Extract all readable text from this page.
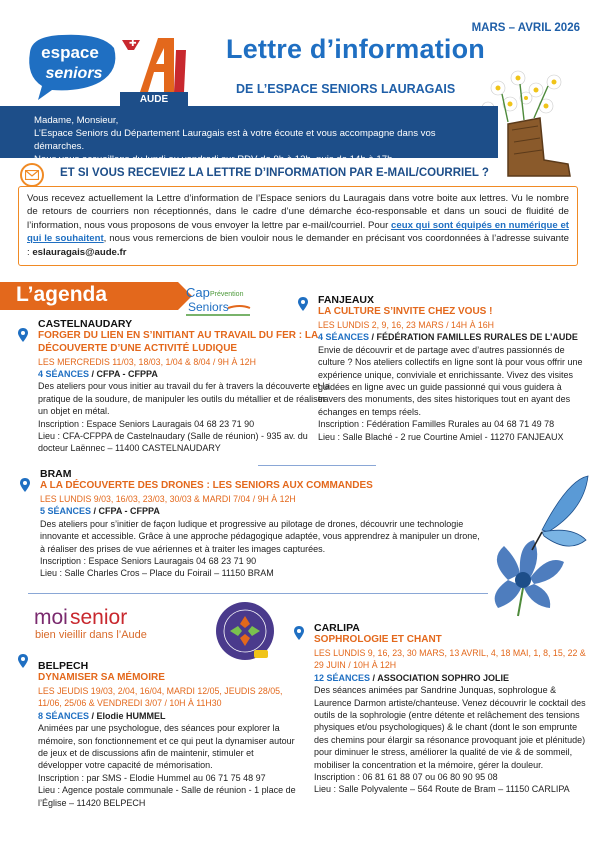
espace
seniors
✚
AUDE
MARS – AVRIL 2026
Lettre d’information
DE L’ESPACE SENIORS LAURAGAIS
Madame, Monsieur,
L’Espace Seniors du Département Lauragais est à votre écoute et vous accompagne dans vos démarches.
Nous vous accueillons du lundi au vendredi sur RDV de 9h à 12h, puis de 14h à 17h.
ET SI VOUS RECEVIEZ LA LETTRE D’INFORMATION PAR E-MAIL/COURRIEL ?
Vous recevez actuellement la Lettre d’information de l’Espace seniors du Lauragais dans votre boite aux lettres. Vu le nombre de retours de courriers non réceptionnés, dans le cadre d’une démarche éco-responsable et dans un souci de fluidité de l’information, nous vous proposons de vous envoyer la lettre par e-mail/courriel. Pour ceux qui sont équipés en numérique et qui le souhaitent, nous vous remercions de bien vouloir nous le demander en précisant vos coordonnées à l’adresse suivante : eslauragais@aude.fr
L’agenda	Cap Prévention
Seniors
CASTELNAUDARY
FORGER DU LIEN EN S’INITIANT AU TRAVAIL DU FER : LA DÉCOUVERTE D’UNE ACTIVITÉ LUDIQUE
LES MERCREDIS 11/03, 18/03, 1/04 & 8/04 / 9H À 12H
4 SÉANCES / CFPA - CFPPA
Des ateliers pour vous initier au travail du fer à travers la découverte et la pratique de la soudure, de manipuler les outils du métallier et de réaliser un objet en métal.
Inscription : Espace Seniors Lauragais 04 68 23 71 90
Lieu : CFA-CFPPA de Castelnaudary (Salle de réunion) - 935 av. du docteur Laënnec – 11400 CASTELNAUDARY
FANJEAUX
LA CULTURE S’INVITE CHEZ VOUS !
LES LUNDIS 2, 9, 16, 23 MARS / 14H À 16H
4 SÉANCES / FÉDÉRATION FAMILLES RURALES DE L’AUDE
Envie de découvrir et de partage avec d’autres passionnés de culture ? Nos ateliers collectifs en ligne sont là pour vous offrir une expérience unique, conviviale et enrichissante. Vivez des visites guidées en ligne avec un guide passionné qui vous guidera à travers des monuments, des sites historiques tout en ayant des échanges en temps réels.
Inscription : Fédération Familles Rurales au 04 68 71 49 78
Lieu : Salle Blaché - 2 rue Courtine Amiel - 11270 FANJEAUX
BRAM
A LA DÉCOUVERTE DES DRONES : LES SENIORS AUX COMMANDES
LES LUNDIS 9/03, 16/03, 23/03, 30/03 & MARDI 7/04 / 9H À 12H
5 SÉANCES / CFPA - CFPPA
Des ateliers pour s’initier de façon ludique et progressive au pilotage de drones, découvrir une technologie innovante et accessible. Grâce à une approche pédagogique adaptée, vous apprendrez à manipuler un drone, à réaliser des prises de vue aériennes et à traiter les images capturées.
Inscription : Espace Seniors Lauragais 04 68 23 71 90
Lieu : Salle Charles Cros – Place du Foirail – 11150 BRAM
moi senior
bien vieillir dans l’Aude
BELPECH
DYNAMISER SA MÉMOIRE
LES JEUDIS 19/03, 2/04, 16/04, MARDI 12/05, JEUDIS 28/05, 11/06, 25/06 & VENDREDI 3/07 / 10H À 11H30
8 SÉANCES / Elodie HUMMEL
Animées par une psychologue, des séances pour explorer la mémoire, son fonctionnement et ce qui peut la dynamiser autour de jeux et de discussions afin de maintenir, stimuler et développer votre capacité de mémorisation.
Inscription : par SMS - Elodie Hummel au 06 71 75 48 97
Lieu : Agence postale communale - Salle de réunion - 1 place de l’Église – 11420 BELPECH
CARLIPA
SOPHROLOGIE ET CHANT
LES LUNDIS 9, 16, 23, 30 MARS, 13 AVRIL, 4, 18 MAI, 1, 8, 15, 22 & 29 JUIN / 10H À 12H
12 SÉANCES / ASSOCIATION SOPHRO JOLIE
Des séances animées par Sandrine Junquas, sophrologue & Laurence Darmon artiste/chanteuse. Venez découvrir le cocktail des outils de la sophrologie (entre détente et relâchement des tensions physiques et/ou psychologiques) & le chant (dont le son emprunte des chemins pour élargir sa résonance provoquant joie et plénitude) pour diminuer le stress, améliorer la qualité de vie & de sommeil, mobiliser la concentration et la mémoire, gérer la douleur.
Inscription : 06 81 61 88 07 ou 06 80 90 95 08
Lieu : Salle Polyvalente – 564 Route de Bram – 11150 CARLIPA
